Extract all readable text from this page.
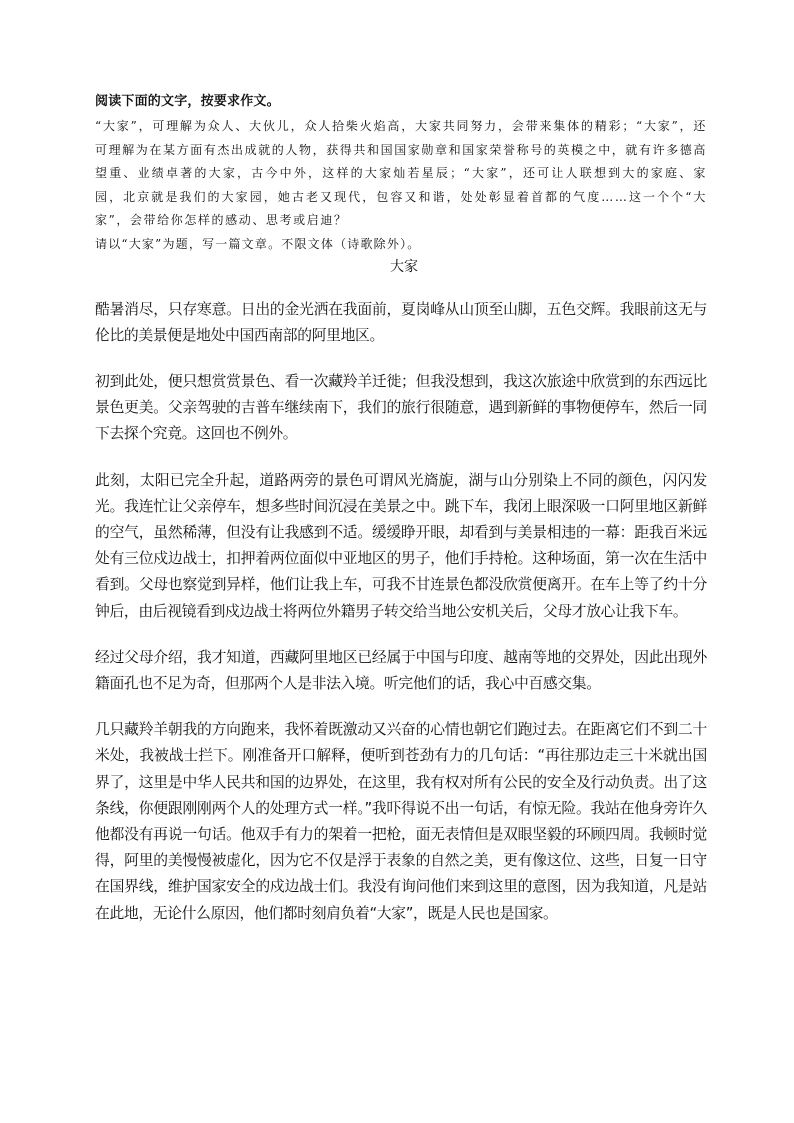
阅读下面的文字，按要求作文。

“大家”，可理解为众人、大伙儿，众人拾柴火焰高，大家共同努力，会带来集体的精彩；“大家”，还可理解为在某方面有杰出成就的人物，获得共和国国家勋章和国家荣誉称号的英模之中，就有许多德高望重、业绩卓著的大家，古今中外，这样的大家灿若星辰；“大家”，还可让人联想到大的家庭、家园，北京就是我们的大家园，她古老又现代，包容又和谐，处处彰显着首都的气度……这一个个“大家”，会带给你怎样的感动、思考或启迪？

请以“大家”为题，写一篇文章。不限文体（诗歌除外）。

大家

酷暑消尽，只存寒意。日出的金光洒在我面前，夏岗峰从山顶至山脚，五色交辉。我眼前这无与伦比的美景便是地处中国西南部的阿里地区。

初到此处，便只想赏赏景色、看一次藏羚羊迁徙；但我没想到，我这次旅途中欣赏到的东西远比景色更美。父亲驾驶的吉普车继续南下，我们的旅行很随意，遇到新鲜的事物便停车，然后一同下去探个究竟。这回也不例外。

此刻，太阳已完全升起，道路两旁的景色可谓风光旖旎，湖与山分别染上不同的颜色，闪闪发光。我连忙让父亲停车，想多些时间沉浸在美景之中。跳下车，我闭上眼深吸一口阿里地区新鲜的空气，虽然稀薄，但没有让我感到不适。缓缓睁开眼，却看到与美景相违的一幕：距我百米远处有三位戍边战士，扣押着两位面似中亚地区的男子，他们手持枪。这种场面，第一次在生活中看到。父母也察觉到异样，他们让我上车，可我不甘连景色都没欣赏便离开。在车上等了约十分钟后，由后视镜看到戍边战士将两位外籍男子转交给当地公安机关后，父母才放心让我下车。

经过父母介绍，我才知道，西藏阿里地区已经属于中国与印度、越南等地的交界处，因此出现外籍面孔也不足为奇，但那两个人是非法入境。听完他们的话，我心中百感交集。

几只藏羚羊朝我的方向跑来，我怀着既激动又兴奋的心情也朝它们跑过去。在距离它们不到二十米处，我被战士拦下。刚准备开口解释，便听到苍劲有力的几句话：“再往那边走三十米就出国界了，这里是中华人民共和国的边界处，在这里，我有权对所有公民的安全及行动负责。出了这条线，你便跟刚刚两个人的处理方式一样。”我吓得说不出一句话，有惊无险。我站在他身旁许久他都没有再说一句话。他双手有力的架着一把枪，面无表情但是双眼坚毅的环顾四周。我顿时觉得，阿里的美慢慢被虚化，因为它不仅是浮于表象的自然之美，更有像这位、这些，日复一日守在国界线，维护国家安全的戍边战士们。我没有询问他们来到这里的意图，因为我知道，凡是站在此地，无论什么原因，他们都时刻肩负着“大家”，既是人民也是国家。
